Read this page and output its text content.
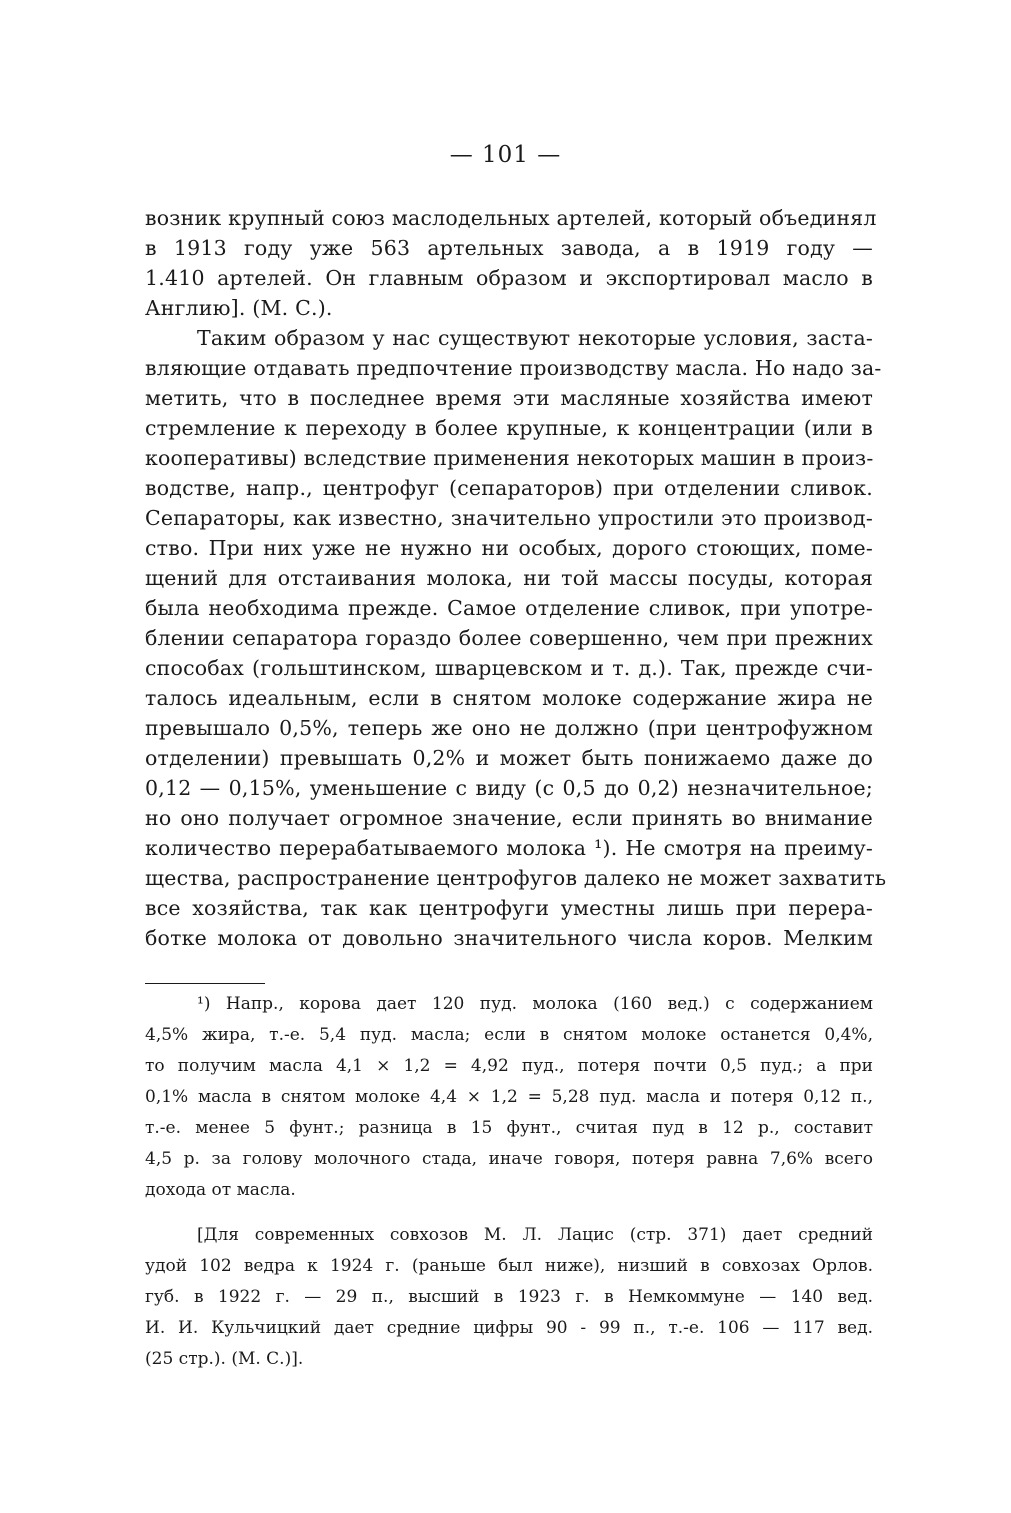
— 101 —
возник крупный союз маслодельных артелей, который объединял
в 1913 году уже 563 артельных завода, а в 1919 году —
1.410 артелей. Он главным образом и экспортировал масло в
Англию]. (М. С.).
Таким образом у нас существуют некоторые условия, заста-
вляющие отдавать предпочтение производству масла. Но надо за-
метить, что в последнее время эти масляные хозяйства имеют
стремление к переходу в более крупные, к концентрации (или в
кооперативы) вследствие применения некоторых машин в произ-
водстве, напр., центрофуг (сепараторов) при отделении сливок.
Сепараторы, как известно, значительно упростили это производ-
ство. При них уже не нужно ни особых, дорого стоющих, поме-
щений для отстаивания молока, ни той массы посуды, которая
была необходима прежде. Самое отделение сливок, при употре-
блении сепаратора гораздо более совершенно, чем при прежних
способах (гольштинском, шварцевском и т. д.). Так, прежде счи-
талось идеальным, если в снятом молоке содержание жира не
превышало 0,5%, теперь же оно не должно (при центрофужном
отделении) превышать 0,2% и может быть понижаемо даже до
0,12 — 0,15%, уменьшение с виду (с 0,5 до 0,2) незначительное;
но оно получает огромное значение, если принять во внимание
количество перерабатываемого молока ¹). Не смотря на преиму-
щества, распространение центрофугов далеко не может захватить
все хозяйства, так как центрофуги уместны лишь при перера-
ботке молока от довольно значительного числа коров. Мелким
¹) Напр., корова дает 120 пуд. молока (160 вед.) с содержанием
4,5% жира, т.-е. 5,4 пуд. масла; если в снятом молоке останется 0,4%,
то получим масла 4,1 × 1,2 = 4,92 пуд., потеря почти 0,5 пуд.; а при
0,1% масла в снятом молоке 4,4 × 1,2 = 5,28 пуд. масла и потеря 0,12 п.,
т.-е. менее 5 фунт.; разница в 15 фунт., считая пуд в 12 р., составит
4,5 р. за голову молочного стада, иначе говоря, потеря равна 7,6% всего
дохода от масла.
[Для современных совхозов М. Л. Лацис (стр. 371) дает средний
удой 102 ведра к 1924 г. (раньше был ниже), низший в совхозах Орлов.
губ. в 1922 г. — 29 п., высший в 1923 г. в Немкоммуне — 140 вед.
И. И. Кульчицкий дает средние цифры 90 - 99 п., т.-е. 106 — 117 вед.
(25 стр.). (М. С.)].
